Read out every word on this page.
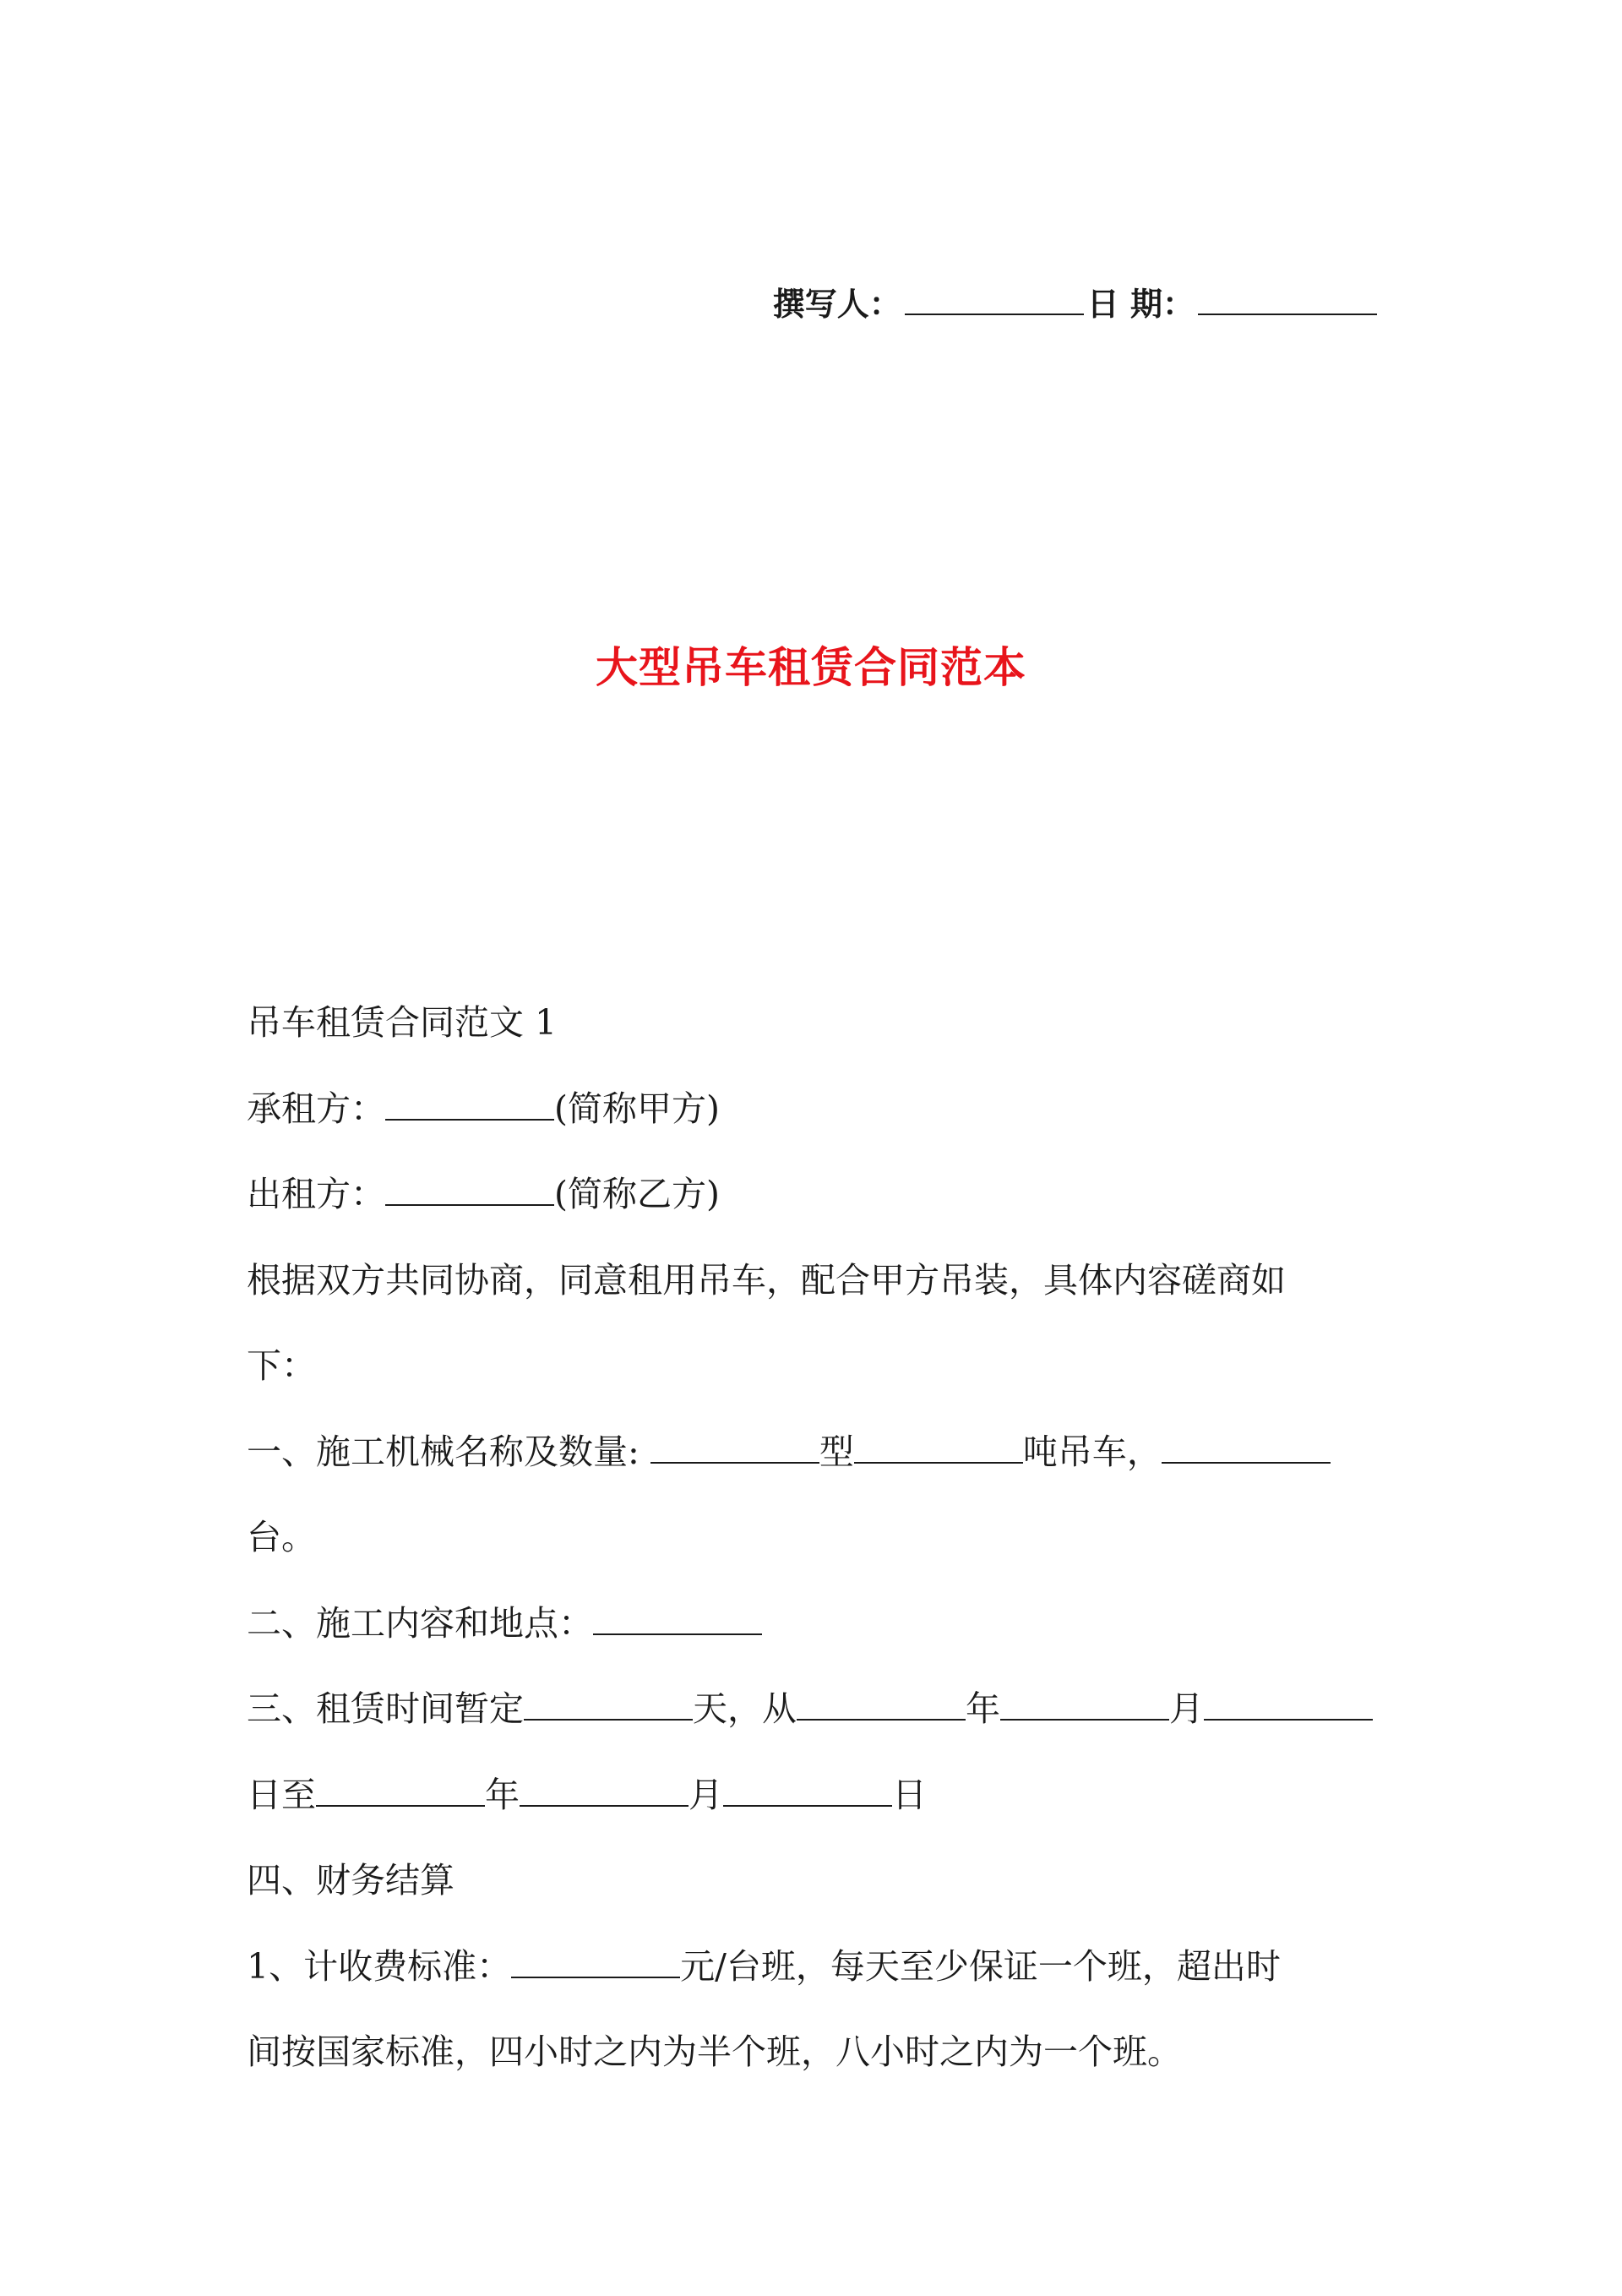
撰写人：	日 期：
大型吊车租赁合同范本

吊车租赁合同范文 1

承租方：	(简称甲方)

出租方：	(简称乙方)

根据双方共同协商，同意租用吊车，配合甲方吊装，具体内容磋商如

下：

一、施工机械名称及数量:	型	吨吊车，

台。

二、施工内容和地点：

三、租赁时间暂定	天，从	年	月

日至	年	月	日

四、财务结算

1、计收费标准：	元/台班，每天至少保证一个班，超出时

间按国家标准，四小时之内为半个班，八小时之内为一个班。
